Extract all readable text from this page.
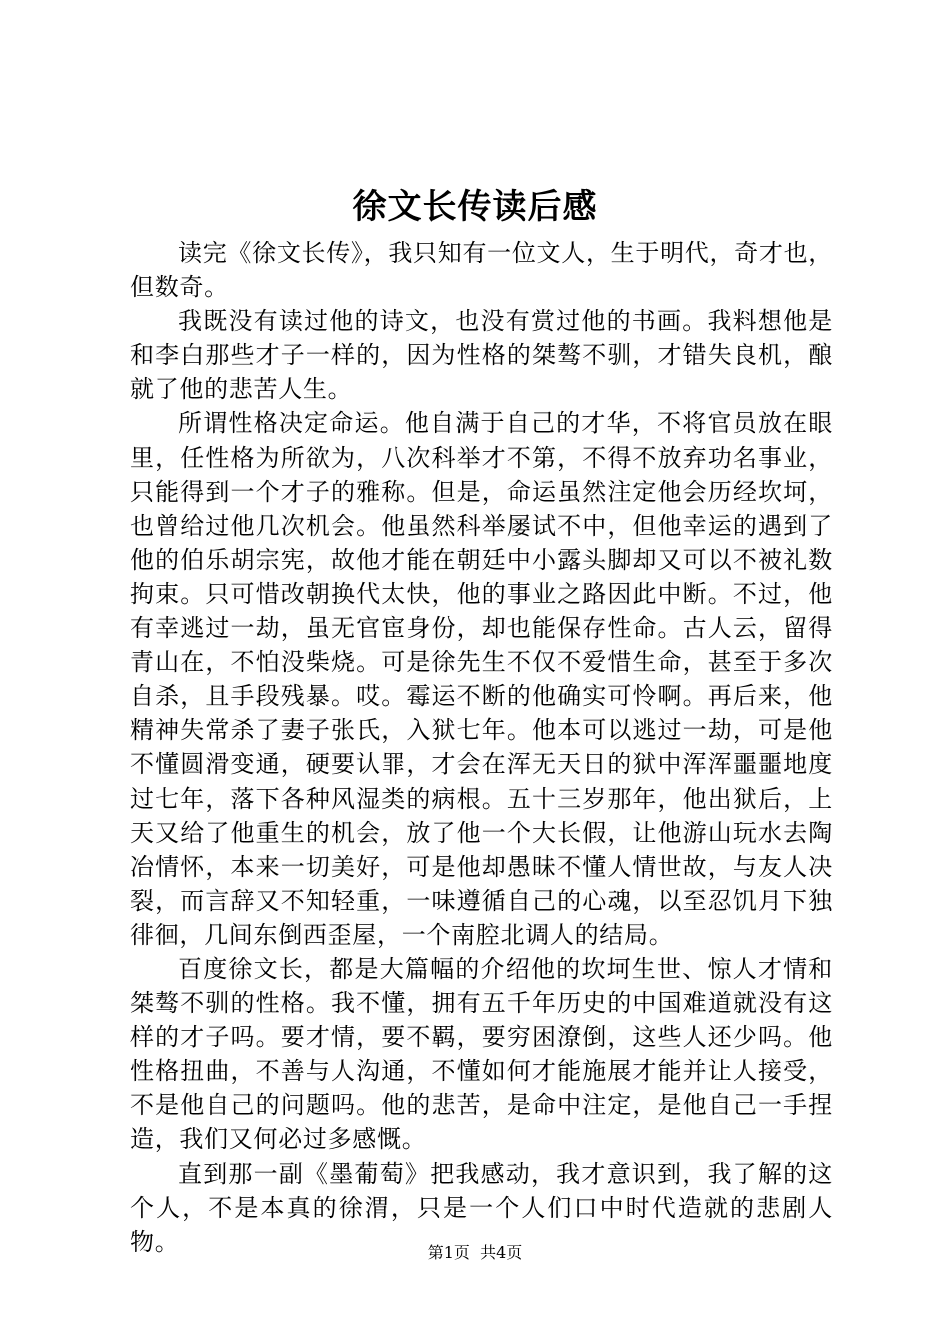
徐文长传读后感

读完《徐文长传》，我只知有一位文人，生于明代，奇才也，但数奇。

我既没有读过他的诗文，也没有赏过他的书画。我料想他是和李白那些才子一样的，因为性格的桀骜不驯，才错失良机，酿就了他的悲苦人生。

所谓性格决定命运。他自满于自己的才华，不将官员放在眼里，任性格为所欲为，八次科举才不第，不得不放弃功名事业，只能得到一个才子的雅称。但是，命运虽然注定他会历经坎坷，也曾给过他几次机会。他虽然科举屡试不中，但他幸运的遇到了他的伯乐胡宗宪，故他才能在朝廷中小露头脚却又可以不被礼数拘束。只可惜改朝换代太快，他的事业之路因此中断。不过，他有幸逃过一劫，虽无官宦身份，却也能保存性命。古人云，留得青山在，不怕没柴烧。可是徐先生不仅不爱惜生命，甚至于多次自杀，且手段残暴。哎。霉运不断的他确实可怜啊。再后来，他精神失常杀了妻子张氏，入狱七年。他本可以逃过一劫，可是他不懂圆滑变通，硬要认罪，才会在浑无天日的狱中浑浑噩噩地度过七年，落下各种风湿类的病根。五十三岁那年，他出狱后，上天又给了他重生的机会，放了他一个大长假，让他游山玩水去陶冶情怀，本来一切美好，可是他却愚昧不懂人情世故，与友人决裂，而言辞又不知轻重，一味遵循自己的心魂，以至忍饥月下独徘徊，几间东倒西歪屋，一个南腔北调人的结局。

百度徐文长，都是大篇幅的介绍他的坎坷生世、惊人才情和桀骜不驯的性格。我不懂，拥有五千年历史的中国难道就没有这样的才子吗。要才情，要不羁，要穷困潦倒，这些人还少吗。他性格扭曲，不善与人沟通，不懂如何才能施展才能并让人接受，不是他自己的问题吗。他的悲苦，是命中注定，是他自己一手捏造，我们又何必过多感慨。

直到那一副《墨葡萄》把我感动，我才意识到，我了解的这个人，不是本真的徐渭，只是一个人们口中时代造就的悲剧人物。	第1页  共4页
